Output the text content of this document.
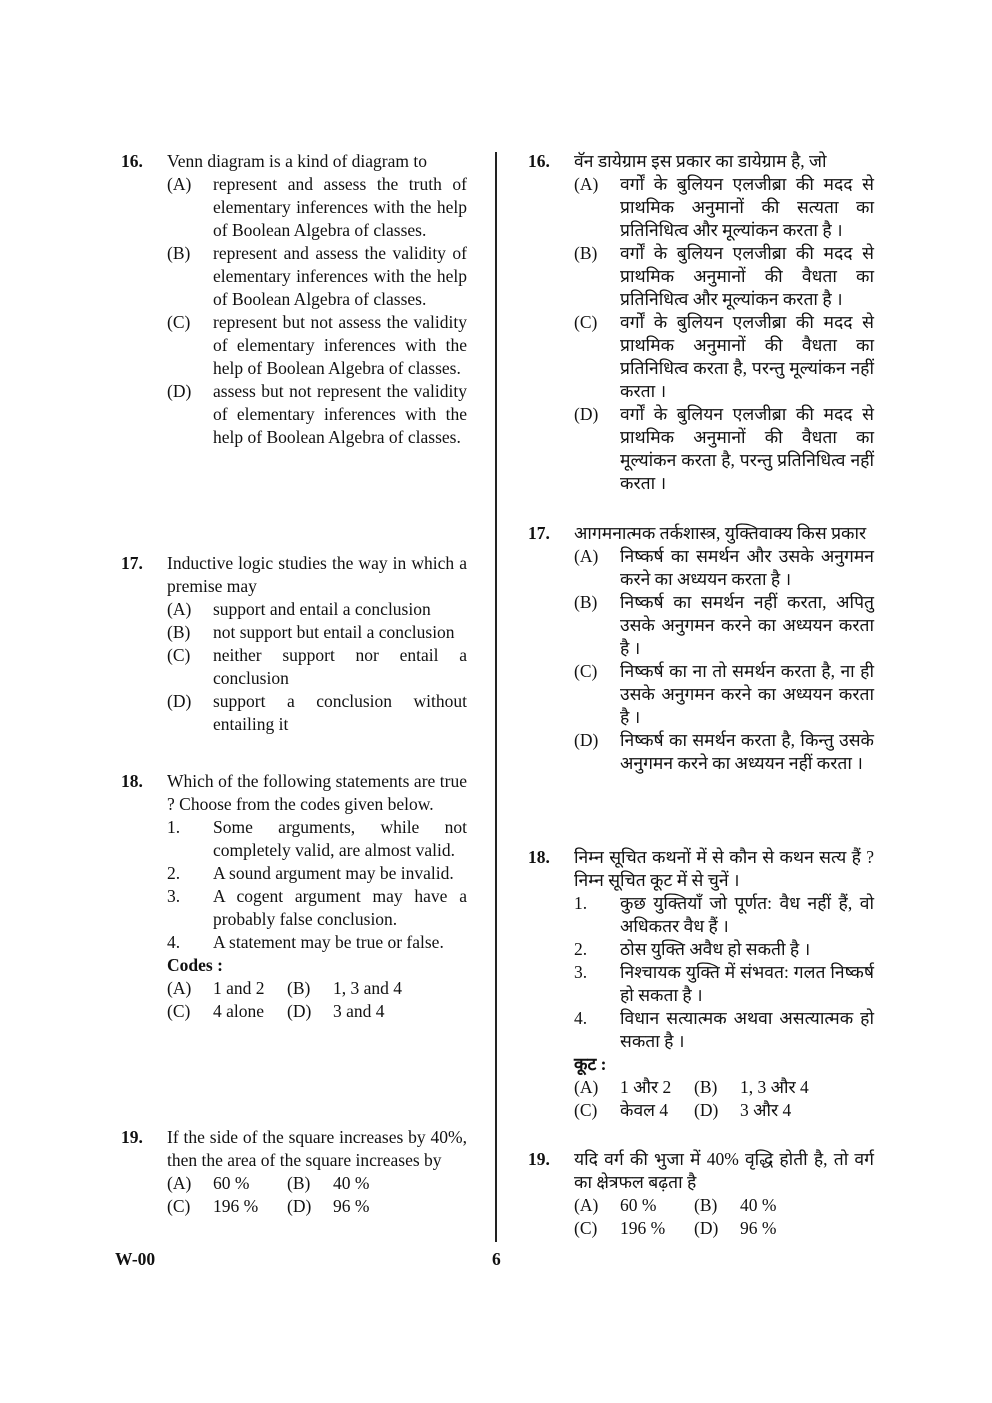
16. Venn diagram is a kind of diagram to
(A)	represent and assess the truth of elementary inferences with the help of Boolean Algebra of classes.
(B)	represent and assess the validity of elementary inferences with the help of Boolean Algebra of classes.
(C)	represent but not assess the validity of elementary inferences with the help of Boolean Algebra of classes.
(D)	assess but not represent the validity of elementary inferences with the help of Boolean Algebra of classes.
17. Inductive logic studies the way in which a premise may
(A)	support and entail a conclusion
(B)	not support but entail a conclusion
(C)	neither support nor entail a conclusion
(D)	support a conclusion without entailing it
18. Which of the following statements are true ? Choose from the codes given below.
1.	Some arguments, while not completely valid, are almost valid.
2.	A sound argument may be invalid.
3.	A cogent argument may have a probably false conclusion.
4.	A statement may be true or false.
Codes :
(A)	1 and 2 (B)	1, 3 and 4
(C)	4 alone (D)	3 and 4
19. If the side of the square increases by 40%, then the area of the square increases by
(A)	60 % (B)	40 %
(C)	196 % (D)	96 %
16. वॅन डायेग्राम इस प्रकार का डायेग्राम है, जो
(A)	वर्गों के बुलियन एलजीब्रा की मदद से प्राथमिक अनुमानों की सत्यता का प्रतिनिधित्व और मूल्यांकन करता है ।
(B)	वर्गों के बुलियन एलजीब्रा की मदद से प्राथमिक अनुमानों की वैधता का प्रतिनिधित्व और मूल्यांकन करता है ।
(C)	वर्गों के बुलियन एलजीब्रा की मदद से प्राथमिक अनुमानों की वैधता का प्रतिनिधित्व करता है, परन्तु मूल्यांकन नहीं करता ।
(D)	वर्गों के बुलियन एलजीब्रा की मदद से प्राथमिक अनुमानों की वैधता का मूल्यांकन करता है, परन्तु प्रतिनिधित्व नहीं करता ।
17. आगमनात्मक तर्कशास्त्र, युक्तिवाक्य किस प्रकार
(A)	निष्कर्ष का समर्थन और उसके अनुगमन करने का अध्ययन करता है ।
(B)	निष्कर्ष का समर्थन नहीं करता, अपितु उसके अनुगमन करने का अध्ययन करता है ।
(C)	निष्कर्ष का ना तो समर्थन करता है, ना ही उसके अनुगमन करने का अध्ययन करता है ।
(D)	निष्कर्ष का समर्थन करता है, किन्तु उसके अनुगमन करने का अध्ययन नहीं करता ।
18. निम्न सूचित कथनों में से कौन से कथन सत्य हैं ? निम्न सूचित कूट में से चुनें ।
1.	कुछ युक्तियाँ जो पूर्णत: वैध नहीं हैं, वो अधिकतर वैध हैं ।
2.	ठोस युक्ति अवैध हो सकती है ।
3.	निश्चायक युक्ति में संभवत: गलत निष्कर्ष हो सकता है ।
4.	विधान सत्यात्मक अथवा असत्यात्मक हो सकता है ।
कूट :
(A)	1 और 2 (B)	1, 3 और 4
(C)	केवल 4 (D)	3 और 4
19. यदि वर्ग की भुजा में 40% वृद्धि होती है, तो वर्ग का क्षेत्रफल बढ़ता है
(A)	60 % (B)	40 %
(C)	196 % (D)	96 %
W-00	6
